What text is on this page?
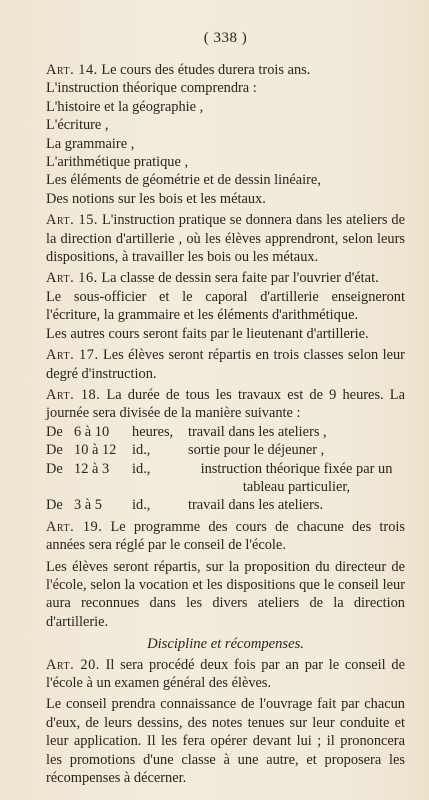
( 338 )
Art. 14. Le cours des études durera trois ans.
L'instruction théorique comprendra :
L'histoire et la géographie ,
L'écriture ,
La grammaire ,
L'arithmétique pratique ,
Les éléments de géométrie et de dessin linéaire,
Des notions sur les bois et les métaux.

Art. 15. L'instruction pratique se donnera dans les ateliers de la direction d'artillerie , où les élèves apprendront, selon leurs dispositions, à travailler les bois ou les métaux.

Art. 16. La classe de dessin sera faite par l'ouvrier d'état.

Le sous-officier et le caporal d'artillerie enseigneront l'écriture, la grammaire et les éléments d'arithmétique.

Les autres cours seront faits par le lieutenant d'artillerie.

Art. 17. Les élèves seront répartis en trois classes selon leur degré d'instruction.

Art. 18. La durée de tous les travaux est de 9 heures. La journée sera divisée de la manière suivante :

De 6 à 10	heures,	travail dans les ateliers ,
De 10 à 12	id.,	sortie pour le déjeuner ,
De 12 à 3	id.,	instruction théorique fixée par un tableau particulier,
De 3 à 5	id.,	travail dans les ateliers.

Art. 19. Le programme des cours de chacune des trois années sera réglé par le conseil de l'école.

Les élèves seront répartis, sur la proposition du directeur de l'école, selon la vocation et les dispositions que le conseil leur aura reconnues dans les divers ateliers de la direction d'artillerie.

Discipline et récompenses.

Art. 20. Il sera procédé deux fois par an par le conseil de l'école à un examen général des élèves.

Le conseil prendra connaissance de l'ouvrage fait par chacun d'eux, de leurs dessins, des notes tenues sur leur conduite et leur application. Il les fera opérer devant lui ; il prononcera les promotions d'une classe à une autre, et proposera les récompenses à décerner.
